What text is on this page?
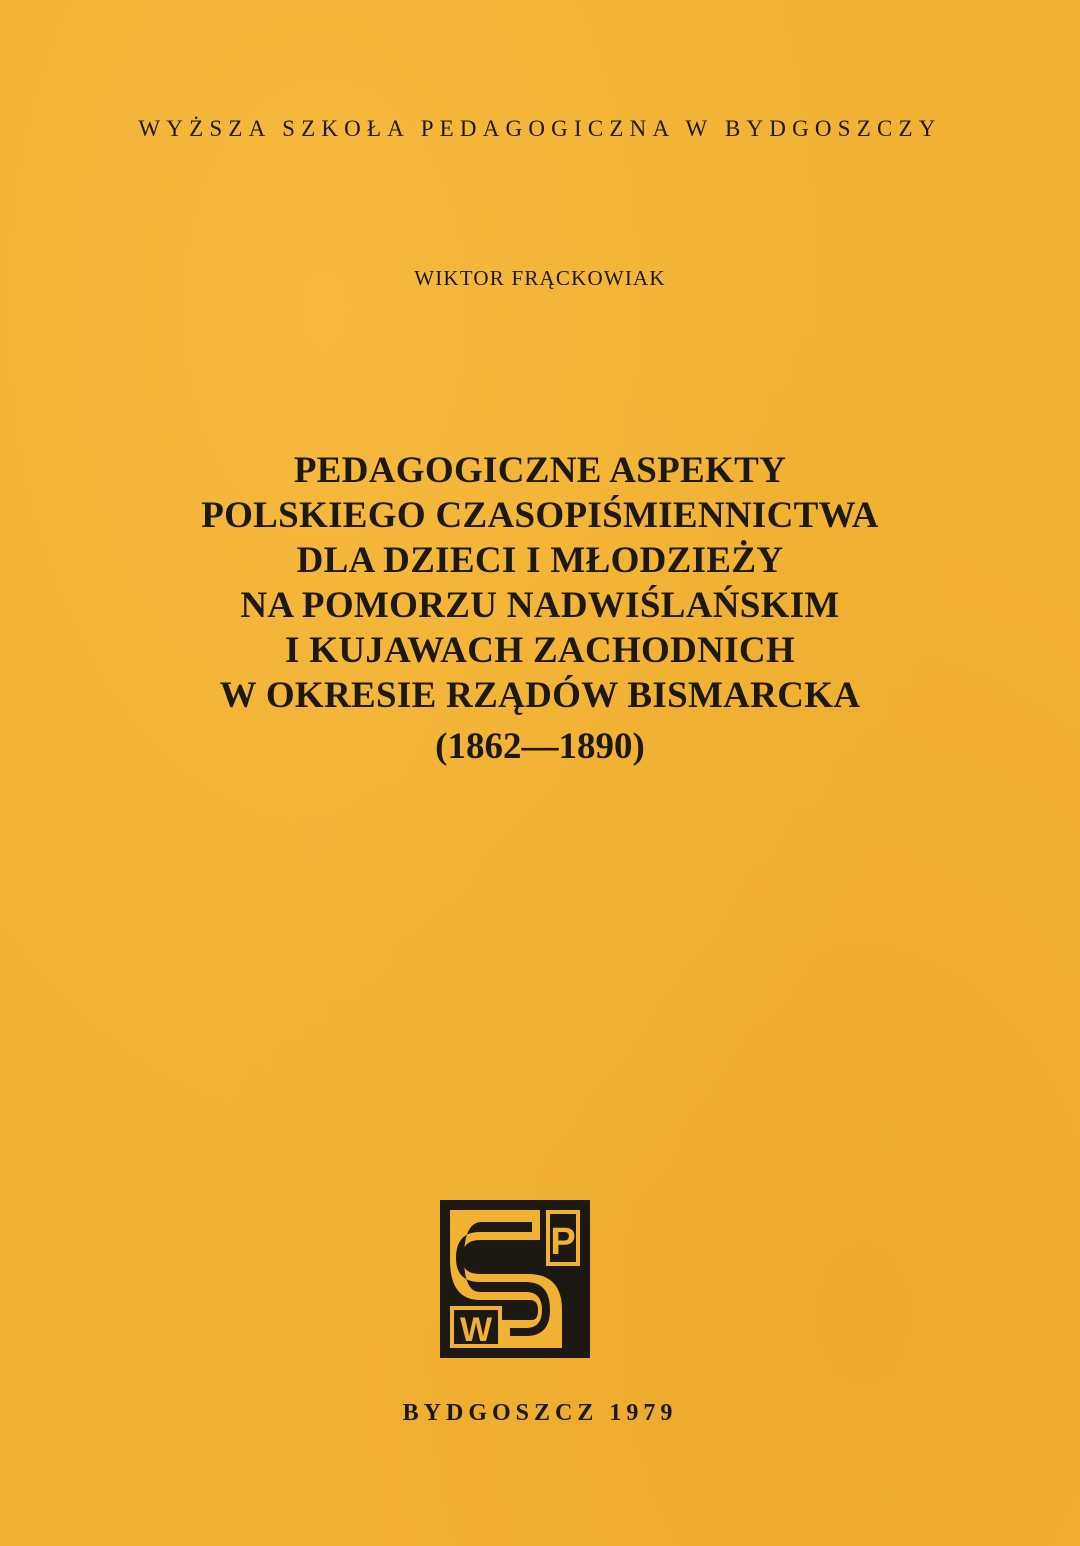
WYŻSZA SZKOŁA PEDAGOGICZNA W BYDGOSZCZY
WIKTOR FRĄCKOWIAK
PEDAGOGICZNE ASPEKTY
POLSKIEGO CZASOPIŚMIENNICTWA
DLA DZIECI I MŁODZIEŻY
NA POMORZU NADWIŚLAŃSKIM
I KUJAWACH ZACHODNICH
W OKRESIE RZĄDÓW BISMARCKA
(1862—1890)
P
W
BYDGOSZCZ 1979
